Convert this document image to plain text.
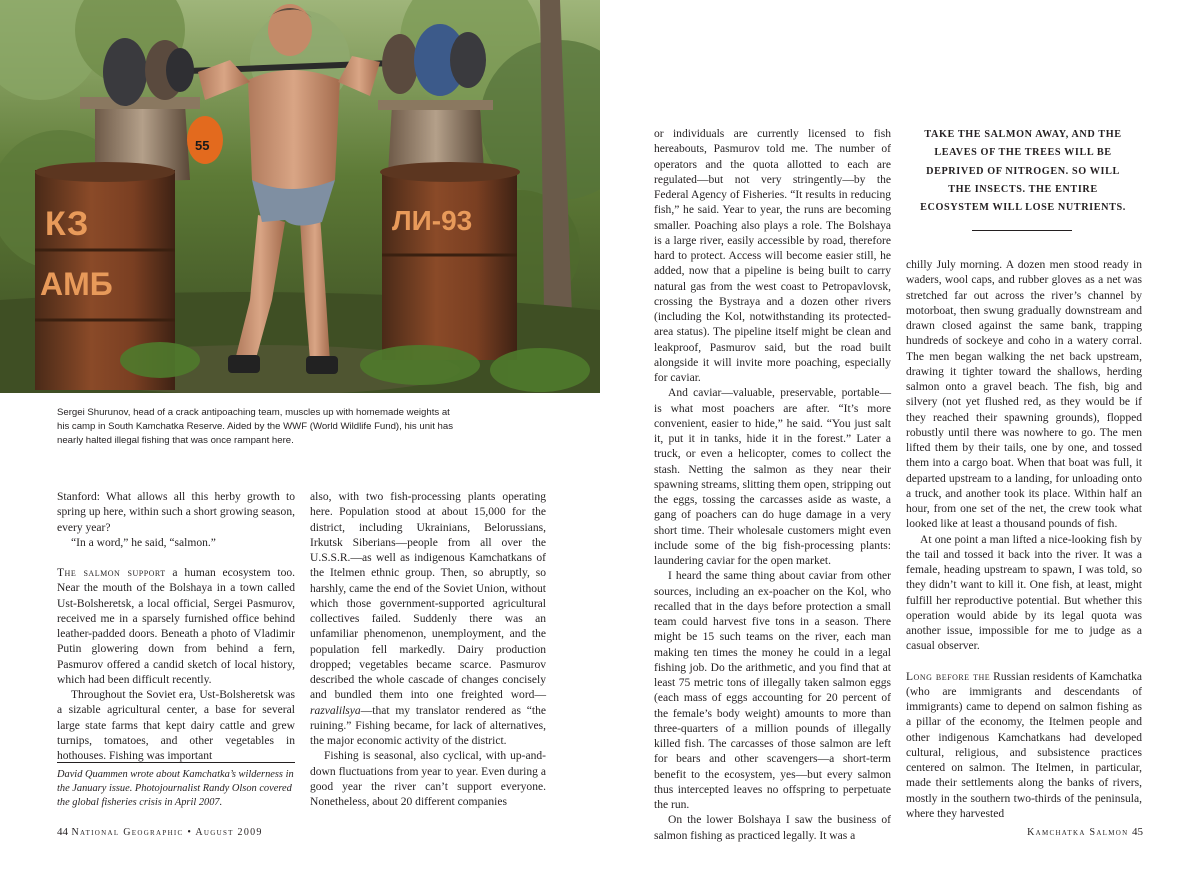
КЗ
АМБ
ЛИ-93
55
Sergei Shurunov, head of a crack antipoaching team, muscles up with homemade weights at his camp in South Kamchatka Reserve. Aided by the WWF (World Wildlife Fund), his unit has nearly halted illegal fishing that was once rampant here.

Stanford: What allows all this herby growth to spring up here, within such a short growing season, every year?

“In a word,” he said, “salmon.”

The salmon support a human ecosystem too. Near the mouth of the Bolshaya in a town called Ust-Bolsheretsk, a local official, Sergei Pasmurov, received me in a sparsely furnished office behind leather-padded doors. Beneath a photo of Vladimir Putin glowering down from behind a fern, Pasmurov offered a candid sketch of local history, which had been difficult recently.

Throughout the Soviet era, Ust-Bolsheretsk was a sizable agricultural center, a base for several large state farms that kept dairy cattle and grew turnips, tomatoes, and other vegetables in hothouses. Fishing was important

David Quammen wrote about Kamchatka’s wilderness in the January issue. Photojournalist Randy Olson covered the global fisheries crisis in April 2007.

also, with two fish-processing plants operating here. Population stood at about 15,000 for the district, including Ukrainians, Belorussians, Irkutsk Siberians—people from all over the U.S.S.R.—as well as indigenous Kamchatkans of the Itelmen ethnic group. Then, so abruptly, so harshly, came the end of the Soviet Union, without which those government-supported agricultural collectives failed. Suddenly there was an unfamiliar phenomenon, unemployment, and the population fell markedly. Dairy production dropped; vegetables became scarce. Pasmurov described the whole cascade of changes concisely and bundled them into one freighted word—razvalilsya—that my translator rendered as “the ruining.” Fishing became, for lack of alternatives, the major economic activity of the district.

Fishing is seasonal, also cyclical, with up-and-down fluctuations from year to year. Even during a good year the river can’t support everyone. Nonetheless, about 20 different companies

44 National Geographic • August 2009

or individuals are currently licensed to fish hereabouts, Pasmurov told me. The number of operators and the quota allotted to each are regulated—but not very stringently—by the Federal Agency of Fisheries. “It results in reducing fish,” he said. Year to year, the runs are becoming smaller. Poaching also plays a role. The Bolshaya is a large river, easily accessible by road, therefore hard to protect. Access will become easier still, he added, now that a pipeline is being built to carry natural gas from the west coast to Petropavlovsk, crossing the Bystraya and a dozen other rivers (including the Kol, notwithstanding its protected-area status). The pipeline itself might be clean and leakproof, Pasmurov said, but the road built alongside it will invite more poaching, especially for caviar.

And caviar—valuable, preservable, portable—is what most poachers are after. “It’s more convenient, easier to hide,” he said. “You just salt it, put it in tanks, hide it in the forest.” Later a truck, or even a helicopter, comes to collect the stash. Netting the salmon as they near their spawning streams, slitting them open, stripping out the eggs, tossing the carcasses aside as waste, a gang of poachers can do huge damage in a very short time. Their wholesale customers might even include some of the big fish-processing plants: laundering caviar for the open market.

I heard the same thing about caviar from other sources, including an ex-poacher on the Kol, who recalled that in the days before protection a small team could harvest five tons in a season. There might be 15 such teams on the river, each man making ten times the money he could in a legal fishing job. Do the arithmetic, and you find that at least 75 metric tons of illegally taken salmon eggs (each mass of eggs accounting for 20 percent of the female’s body weight) amounts to more than three-quarters of a million pounds of illegally killed fish. The carcasses of those salmon are left for bears and other scavengers—a short-term benefit to the ecosystem, yes—but every salmon thus intercepted leaves no offspring to perpetuate the run.

On the lower Bolshaya I saw the business of salmon fishing as practiced legally. It was a

TAKE THE SALMON AWAY, AND THE LEAVES OF THE TREES WILL BE DEPRIVED OF NITROGEN. SO WILL THE INSECTS. THE ENTIRE ECOSYSTEM WILL LOSE NUTRIENTS.

chilly July morning. A dozen men stood ready in waders, wool caps, and rubber gloves as a net was stretched far out across the river’s channel by motorboat, then swung gradually downstream and drawn closed against the same bank, trapping hundreds of sockeye and coho in a watery corral. The men began walking the net back upstream, drawing it tighter toward the shallows, herding salmon onto a gravel beach. The fish, big and silvery (not yet flushed red, as they would be if they reached their spawning grounds), flopped robustly until there was nowhere to go. The men lifted them by their tails, one by one, and tossed them into a cargo boat. When that boat was full, it departed upstream to a landing, for unloading onto a truck, and another took its place. Within half an hour, from one set of the net, the crew took what looked like at least a thousand pounds of fish.

At one point a man lifted a nice-looking fish by the tail and tossed it back into the river. It was a female, heading upstream to spawn, I was told, so they didn’t want to kill it. One fish, at least, might fulfill her reproductive potential. But whether this operation would abide by its legal quota was another issue, impossible for me to judge as a casual observer.

Long before the Russian residents of Kamchatka (who are immigrants and descendants of immigrants) came to depend on salmon fishing as a pillar of the economy, the Itelmen people and other indigenous Kamchatkans had developed cultural, religious, and subsistence practices centered on salmon. The Itelmen, in particular, made their settlements along the banks of rivers, mostly in the southern two-thirds of the peninsula, where they harvested

Kamchatka Salmon 45
